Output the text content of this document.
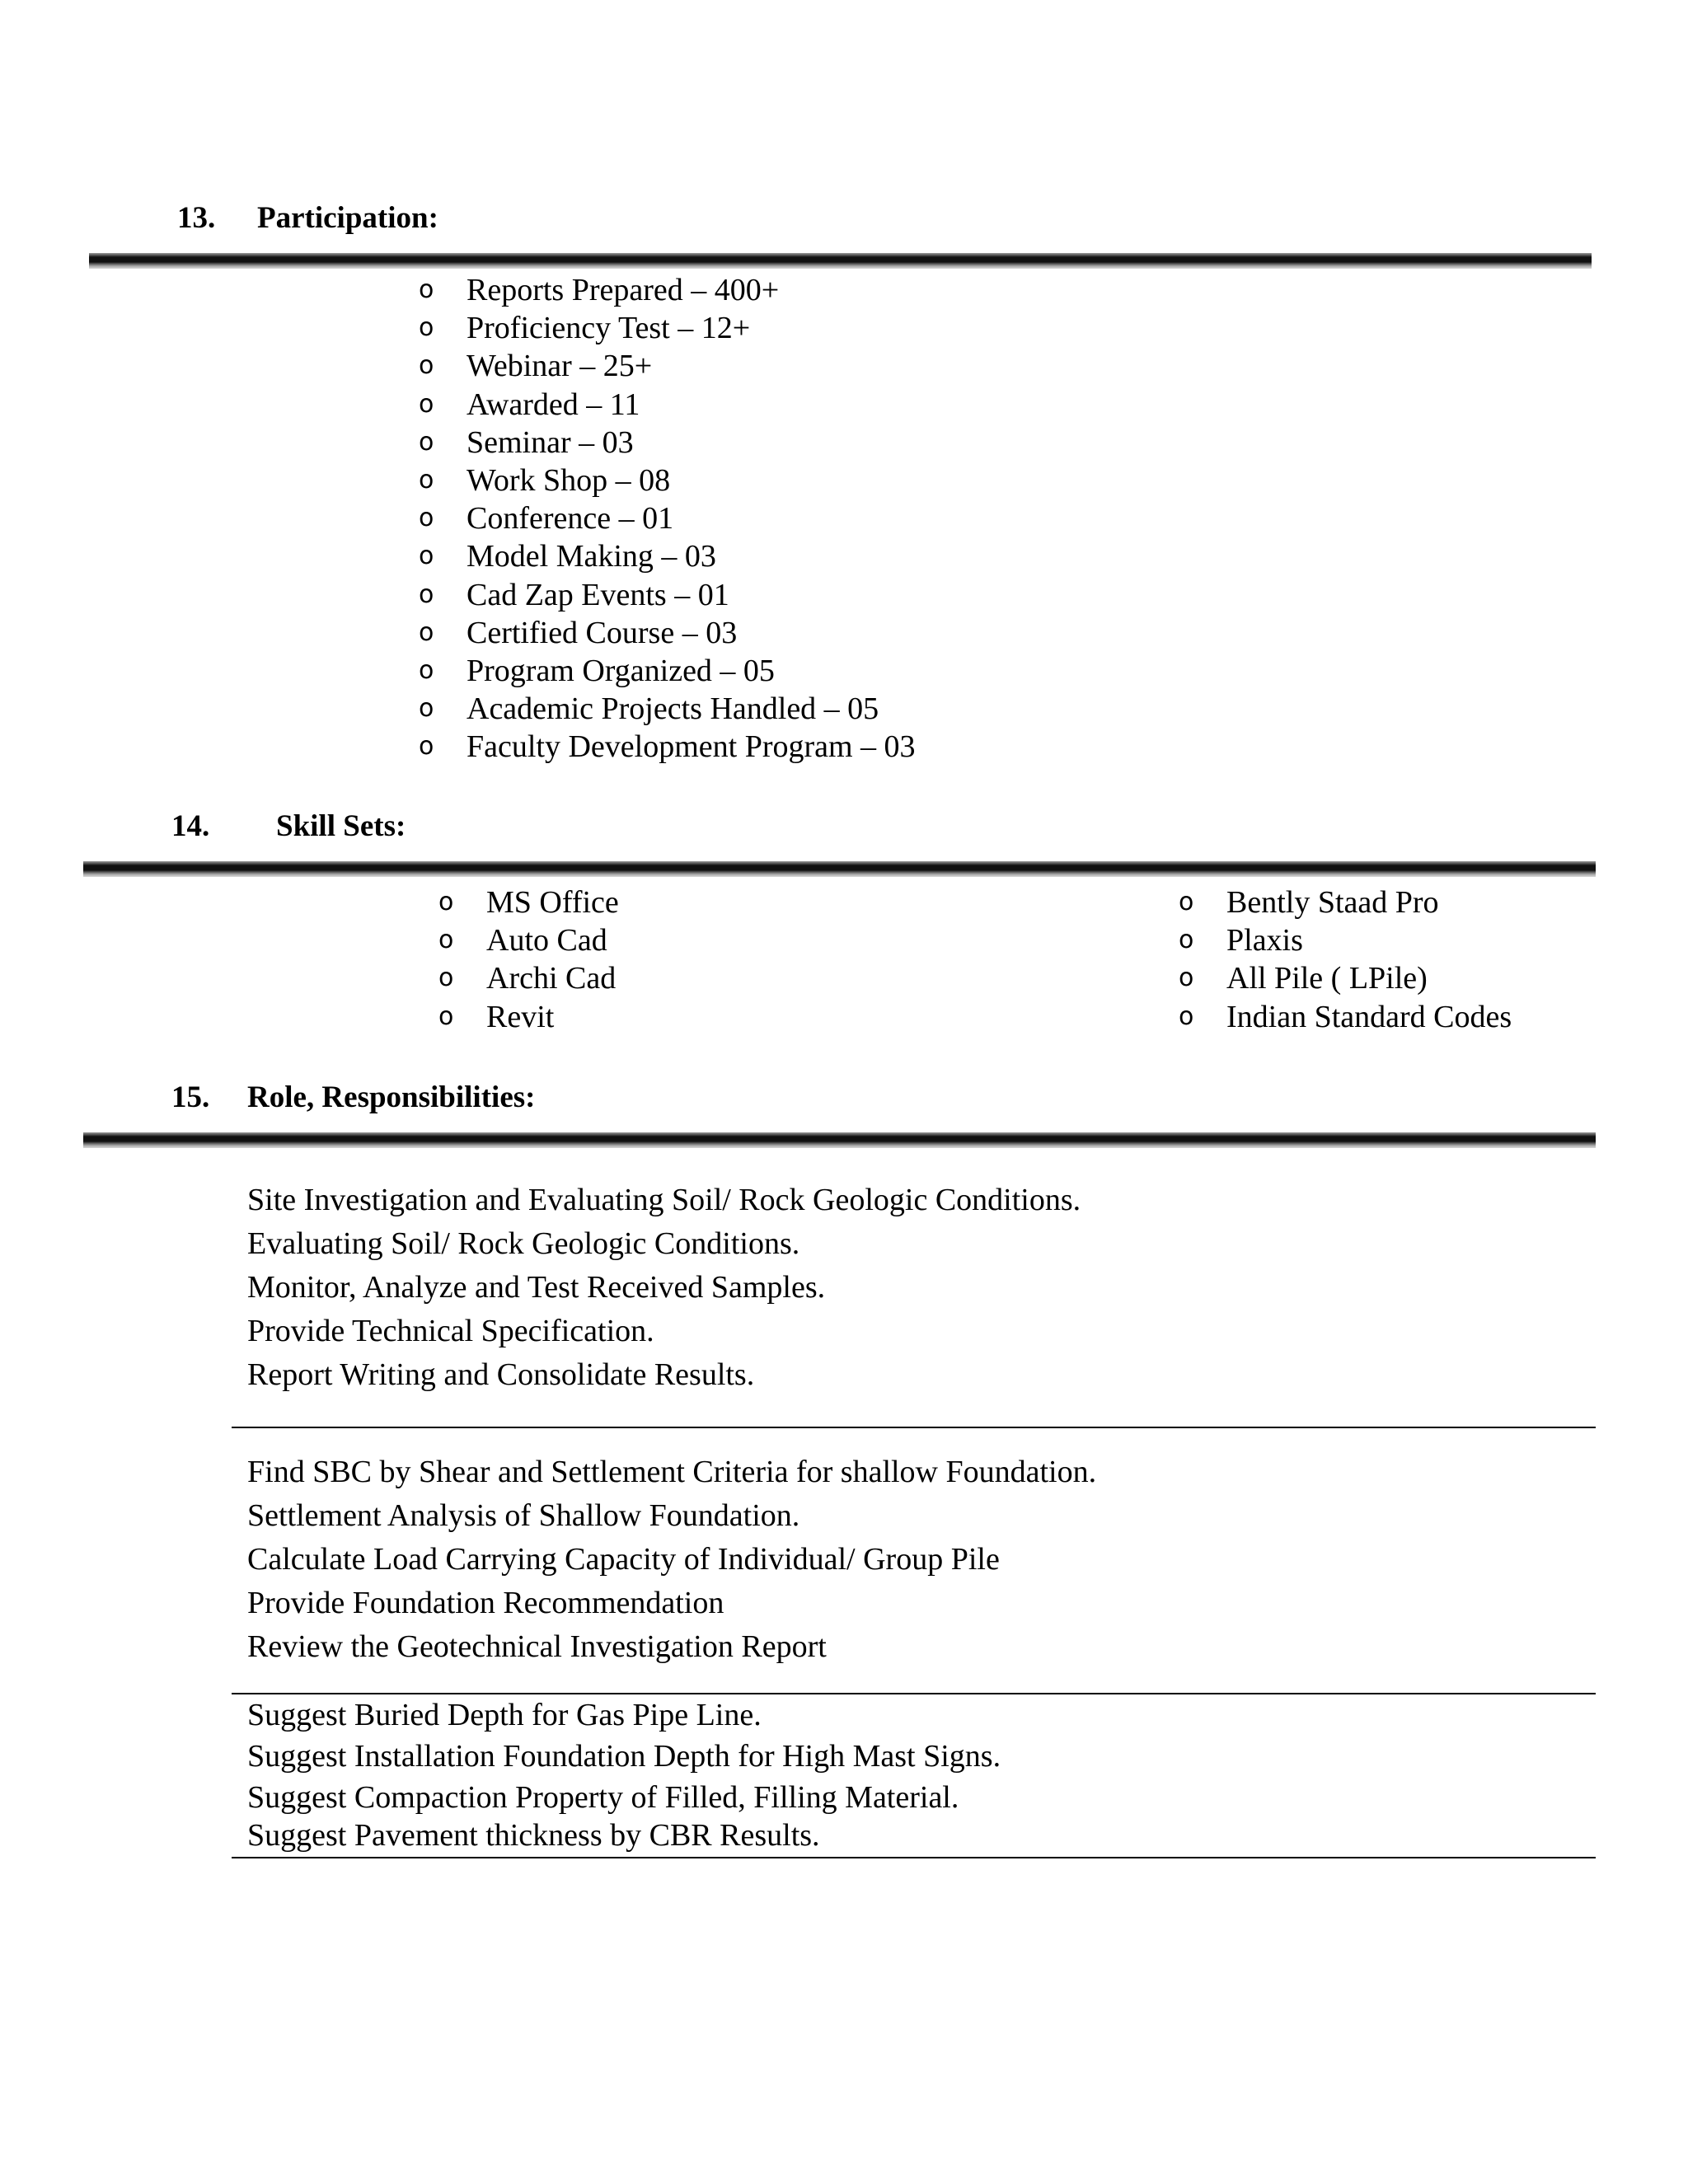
13. Participation:
o Reports Prepared – 400+

o Proficiency Test – 12+

o Webinar – 25+

o Awarded – 11

o Seminar – 03

o Work Shop – 08

o Conference – 01

o Model Making – 03

o Cad Zap Events – 01

o Certified Course – 03

o Program Organized – 05

o Academic Projects Handled – 05

o Faculty Development Program – 03

14. Skill Sets:
o MS Office

o Auto Cad

o Archi Cad

o Revit

o Bently Staad Pro

o Plaxis

o All Pile ( LPile)

o Indian Standard Codes

15. Role, Responsibilities:
Site Investigation and Evaluating Soil/ Rock Geologic Conditions.
Evaluating Soil/ Rock Geologic Conditions.
Monitor, Analyze and Test Received Samples.
Provide Technical Specification.
Report Writing and Consolidate Results.
Find SBC by Shear and Settlement Criteria for shallow Foundation.
Settlement Analysis of Shallow Foundation.
Calculate Load Carrying Capacity of Individual/ Group Pile
Provide Foundation Recommendation
Review the Geotechnical Investigation Report
Suggest Buried Depth for Gas Pipe Line.
Suggest Installation Foundation Depth for High Mast Signs.
Suggest Compaction Property of Filled, Filling Material.
Suggest Pavement thickness by CBR Results.
